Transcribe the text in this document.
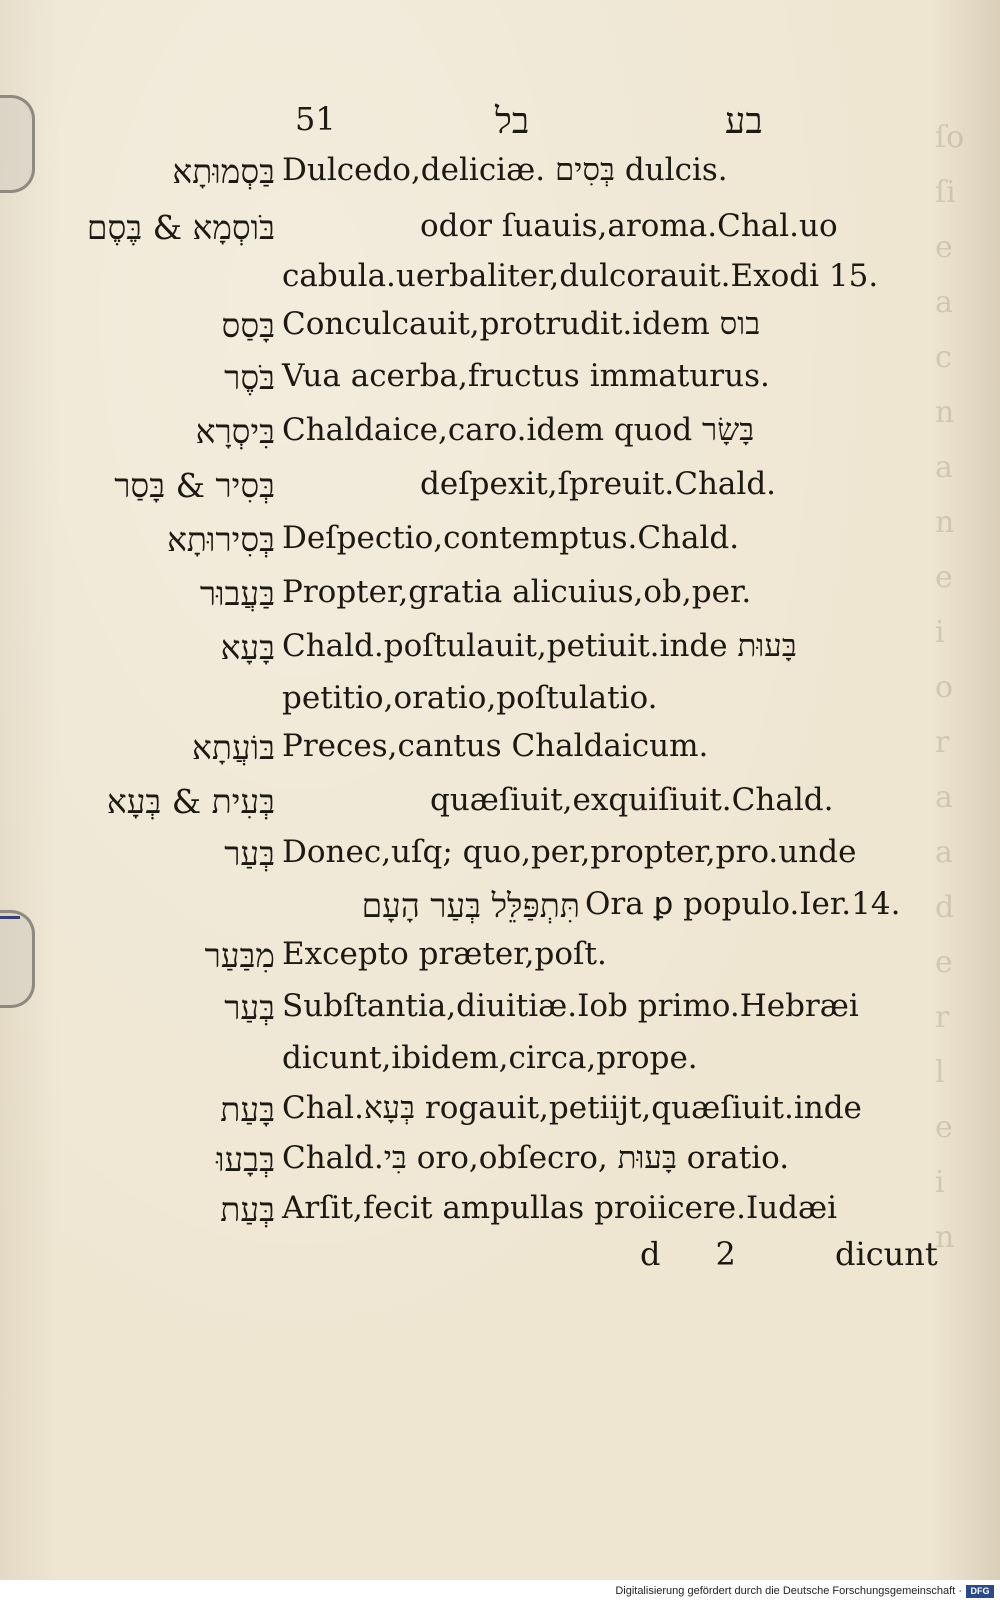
ſo
ſi
e
a
c
n
a
n
e
i
o
r
a
a
d
e
r
l
e
i
n
51	בל	בע
בַּסְמוּתָא Dulcedo,deliciæ. בְּסִים dulcis.
בֹּוסְמָא & בֶּסֶם	odor ſuauis,aroma.Chal.uo
cabula.uerbaliter,dulcorauit.Exodi 15.
בָּסַס Conculcauit,protrudit.idem בוס
בֹּסֶר Vua acerba,fructus immaturus.
בִּיסְרָא Chaldaice,caro.idem quod בָּשָׂר
בְּסִיר & בָּסַר	deſpexit,ſpreuit.Chald.
בְּסִירוּתָא Deſpectio,contemptus.Chald.
בַּעֲבוּר Propter,gratia alicuius,ob,per.
בָּעָא Chald.poſtulauit,petiuit.inde בָּעוּת
petitio,oratio,poſtulatio.
בּוֹעֲתָא Preces,cantus Chaldaicum.
בְּעִית & בְּעָא	quæſiuit,exquiſiuit.Chald.
בְּעַר Donec,uſq; quo,per,propter,pro.unde
תִּתְפַּלֵּל בְּעַר הָעָם Ora ꝑ populo.Ier.14.
מִבַּעַר Excepto præter,poſt.
בְּעַר Subſtantia,diuitiæ.Iob primo.Hebræi
dicunt,ibidem,circa,prope.
בָּעַת Chal.בְּעָא rogauit,petiijt,quæſiuit.inde
בְּבָעוּ Chald.בִּי oro,obſecro, בָּעוּת oratio.
בְּעַת Arſit,fecit ampullas proiicere.Iudæi
d 2	dicunt
Digitalisierung gefördert durch die Deutsche Forschungsgemeinschaft · DFG
